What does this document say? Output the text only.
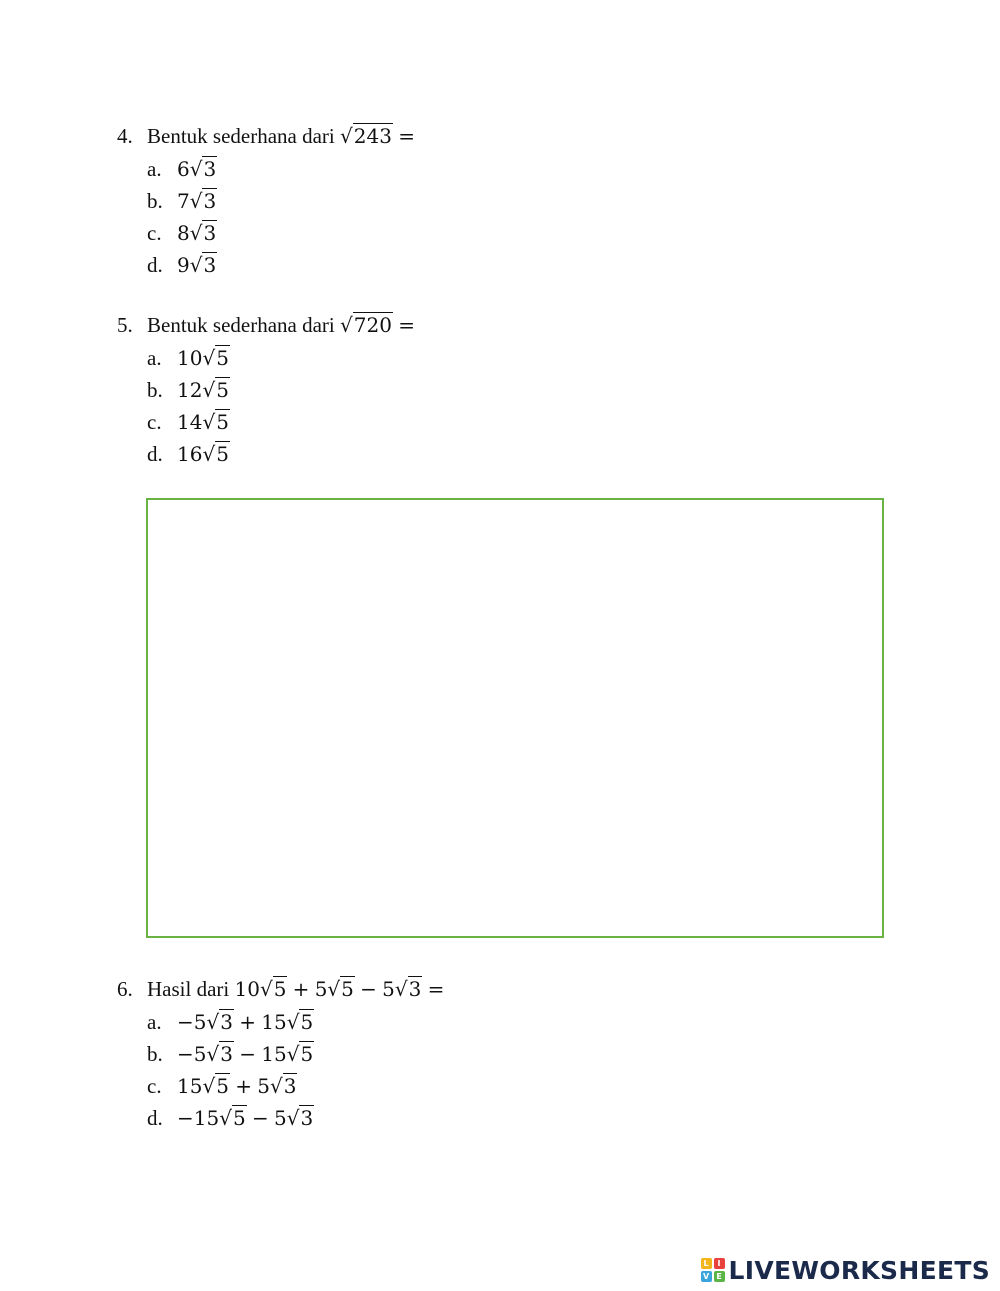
4. Bentuk sederhana dari √243 =
a. 6√3
b. 7√3
c. 8√3
d. 9√3
5. Bentuk sederhana dari √720 =
a. 10√5
b. 12√5
c. 14√5
d. 16√5
6. Hasil dari 10√5 + 5√5 − 5√3 =
a. −5√3 + 15√5
b. −5√3 − 15√5
c. 15√5 + 5√3
d. −15√5 − 5√3
L	I
V E LIVEWORKSHEETS
